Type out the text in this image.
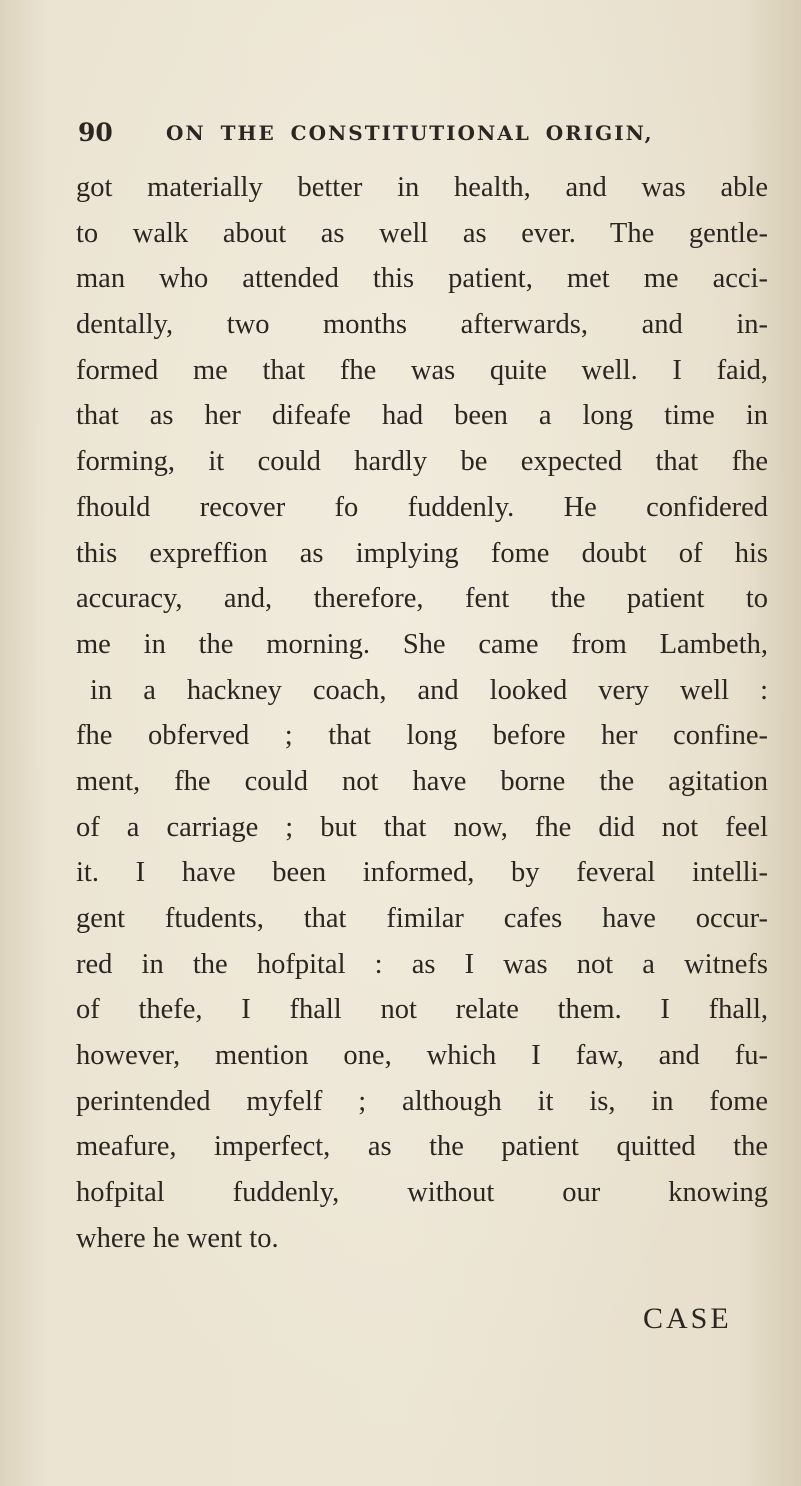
90	ON THE CONSTITUTIONAL ORIGIN,
got materially better in health, and was able
to walk about as well as ever. The gentle-
man who attended this patient, met me acci-
dentally, two months afterwards, and in-
formed me that fhe was quite well. I faid,
that as her difeafe had been a long time in
forming, it could hardly be expected that fhe
fhould recover fo fuddenly. He confidered
this expreffion as implying fome doubt of his
accuracy, and, therefore, fent the patient to
me in the morning. She came from Lambeth,
in a hackney coach, and looked very well :
fhe obferved ; that long before her confine-
ment, fhe could not have borne the agitation
of a carriage ; but that now, fhe did not feel
it. I have been informed, by feveral intelli-
gent ftudents, that fimilar cafes have occur-
red in the hofpital : as I was not a witnefs
of thefe, I fhall not relate them. I fhall,
however, mention one, which I faw, and fu-
perintended myfelf ; although it is, in fome
meafure, imperfect, as the patient quitted the
hofpital fuddenly, without our knowing
where he went to.
CASE
